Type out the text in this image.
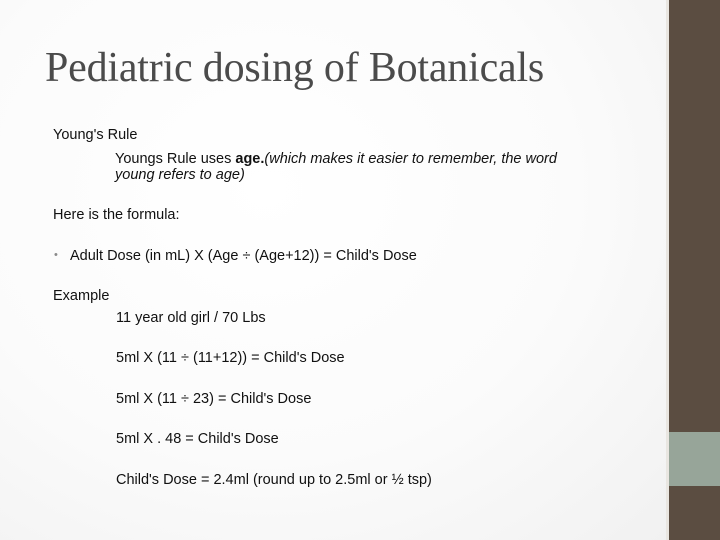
Pediatric dosing of Botanicals
Young's Rule
Youngs Rule uses age.(which makes it easier to remember, the word
young refers to age)
Here is the formula:
• Adult Dose (in mL) X (Age ÷ (Age+12)) = Child's Dose
Example
11 year old girl / 70 Lbs
5ml X (11 ÷ (11+12)) = Child's Dose
5ml X (11 ÷ 23) = Child's Dose
5ml X . 48 = Child's Dose
Child's Dose = 2.4ml (round up to 2.5ml or ½ tsp)
